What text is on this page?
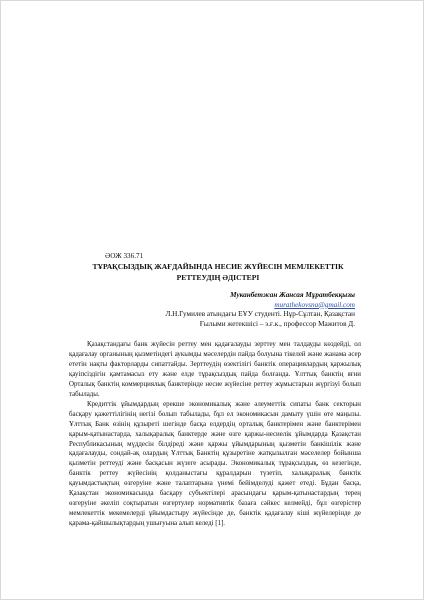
ӘОЖ 336.71
ТҰРАҚСЫЗДЫҚ ЖАҒДАЙЫНДА НЕСИЕ ЖҮЙЕСІН МЕМЛЕКЕТТІК
РЕТТЕУДІҢ ӘДІСТЕРІ
Муканбетжан Жансая Мұратбекқызы
murathekovsna@gmail.com
Л.Н.Гумилев атындағы ЕҰУ студенті. Нұр-Сұлтан, Қазақстан
Ғылыми жетекшісі – э.ғ.к., профессор Мажитов Д.

Қазақстандағы банк жүйесін реттеу мен қадағалауды зерттеу мен талдауды көздейді, ол қадағалау органының қызметіндегі аукымды мәселердін пайда болуына тікелей және жанама әсер ететін нақты факторларды сипаттайды. Зерттеудің өзектілігі банктік операциялардың қаржылық қауіпсіздігін қамтамасыз ету және елде тұрақсыздық пайда болғанда. Ұлттық банктің яғни Орталық банктің коммерциялық банктерінде несие жүйесіне реттеу жұмыстарын жүргізуі болып табылады.

Кредиттік ұйымдардың ерекше экономикалық және әлеуметтік сипаты банк секторын басқару қажеттілігінің негізі болып табылады, бұл ел экономикасын дамыту үшін өте маңызы. Ұлттық Банк өзінің құзыреті шегінде басқа елдердің орталық банктерімен және банктерімен қарым-қатынастарда, халықаралық банктерде және өзге қаржы-несиелік ұйымдарда Қазақстан Республикасының мүддесін білдіреді және қаржы ұйымдарының қызметін банкішілік және қадағалауды, сондай-ақ олардың Ұлттық Банктің құзыретіне жатқызылған мәселелер бойынша қызметін реттеуді және басқасын жүзеге асырады. Экономикалық тұрақсыздық, өз кезегінде, банктік реттеу жүйесінің қолданыстағы құралдарын түзетіп, халықаралық банктік қауымдастықтың өзгеруіне және талаптарына үнемі бейімделуді қажет етеді. Бұдан басқа, Қазақстан экономикасында басқару субъектілері арасындағы қарым-қатынастардың терең өзгеруіне әкеліп соқтыратын өзгертулер нормативтік базаға сәйкес келмейді, бұл өзгерістер мемлекеттік мекемелерді ұйымдастыру жүйесінде де, банктік қадағалау кіші жүйелерінде де қарама-қайшылықтардың ушығуына алып келеді [1].
